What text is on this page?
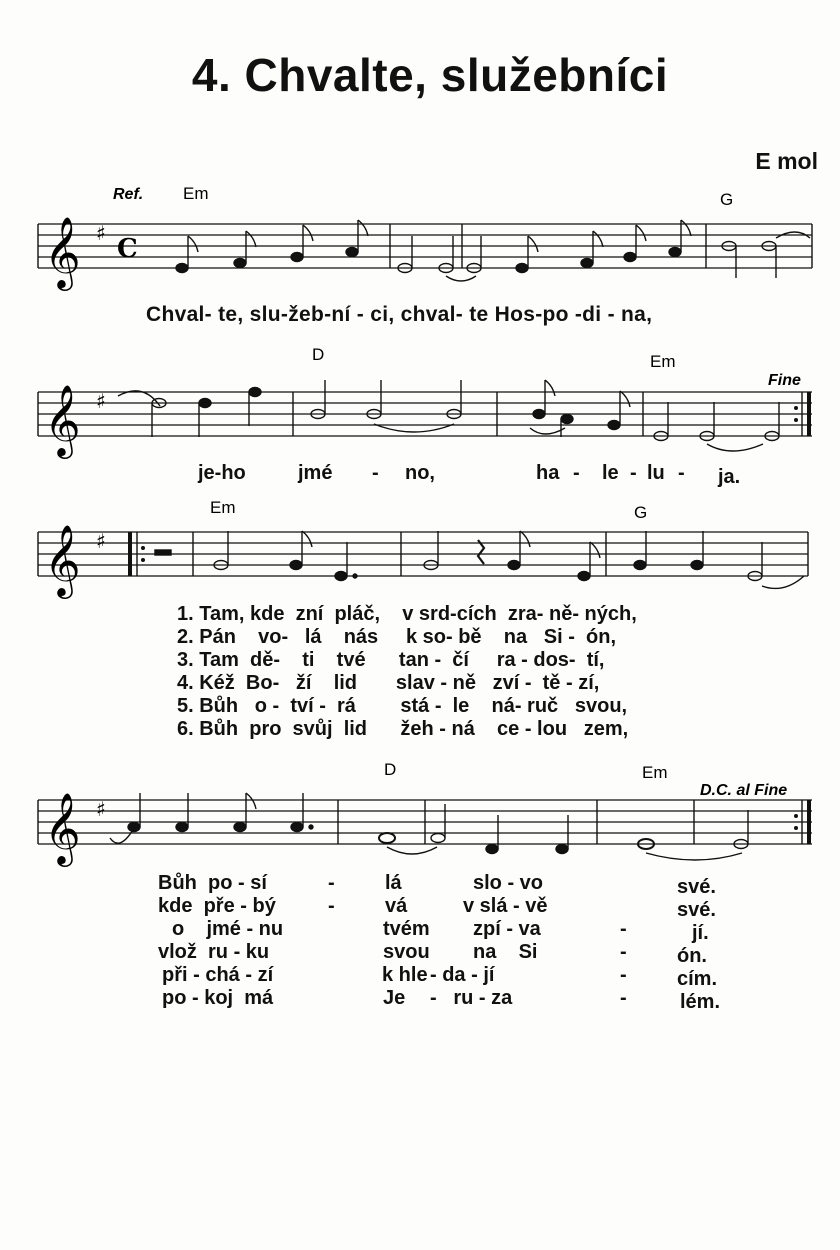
4. Chvalte, služebníci
E mol
Ref. Em	G
𝄞 ♯
C
Chval- te, slu-žeb-ní - ci, chval- te Hos-po -di - na,
D	Em
Fine
𝄞 ♯
je-ho	jmé - no,	ha - le - lu - ja.
Em	G
𝄞 ♯
1. Tam, kde  zní  pláč,    v srd-cích  zra- ně- ných,
2. Pán    vo-   lá    nás     k so- bě    na   Si -  ón,
3. Tam  dě-    ti    tvé      tan -  čí     ra - dos-  tí,
4. Kéž  Bo-   ží    lid       slav - ně   zví -  tě - zí,
5. Bůh   o -  tví -  rá        stá -  le    ná- ruč   svou,
6. Bůh  pro  svůj  lid      žeh - ná    ce - lou   zem,
D	Em
D.C. al Fine
𝄞 ♯
Bůh  po - sí	-	lá	slo - vo	své.
kde  pře - bý	-	vá	v slá - vě	své.
o    jmé - nu	tvém zpí - va	-	jí.
vlož  ru - ku	svou na    Si	-	ón.
při - chá - zí	k hle - da - jí	-	cím.
po - koj  má	Je -   ru - za	-	lém.
